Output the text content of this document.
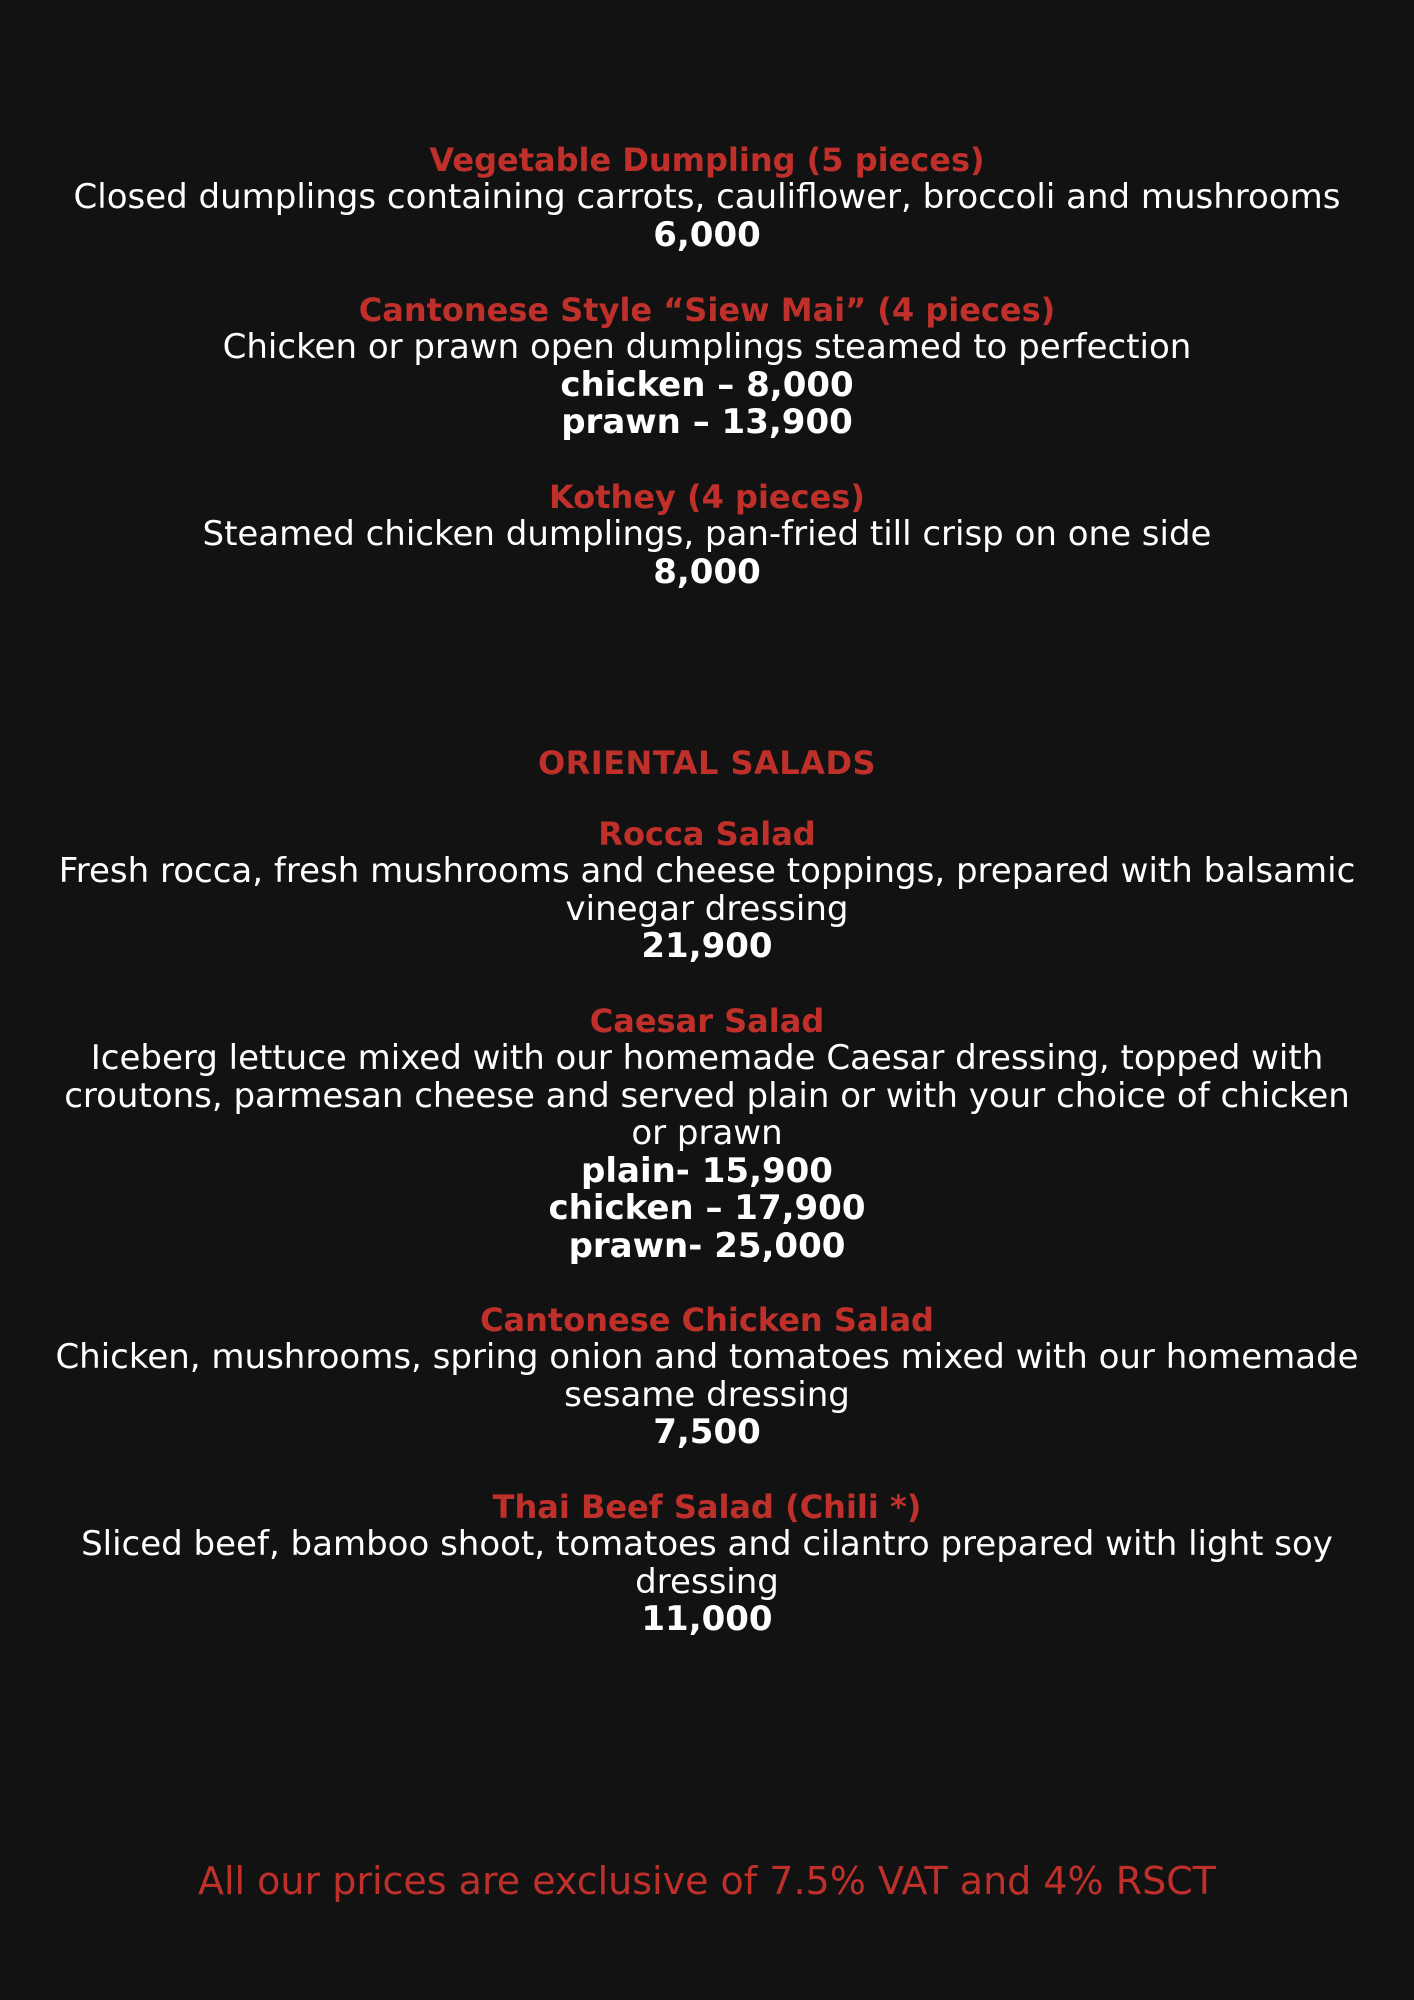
Vegetable Dumpling (5 pieces)

Closed dumplings containing carrots, cauliflower, broccoli and mushrooms

6,000

Cantonese Style “Siew Mai” (4 pieces)

Chicken or prawn open dumplings steamed to perfection

chicken – 8,000

prawn – 13,900

Kothey (4 pieces)

Steamed chicken dumplings, pan-fried till crisp on one side

8,000

ORIENTAL SALADS

Rocca Salad

Fresh rocca, fresh mushrooms and cheese toppings, prepared with balsamic vinegar dressing

21,900

Caesar Salad

Iceberg lettuce mixed with our homemade Caesar dressing, topped with croutons, parmesan cheese and served plain or with your choice of chicken or prawn

plain- 15,900

chicken – 17,900

prawn- 25,000

Cantonese Chicken Salad

Chicken, mushrooms, spring onion and tomatoes mixed with our homemade sesame dressing

7,500

Thai Beef Salad (Chili *)

Sliced beef, bamboo shoot, tomatoes and cilantro prepared with light soy dressing

11,000

All our prices are exclusive of 7.5% VAT and 4% RSCT
